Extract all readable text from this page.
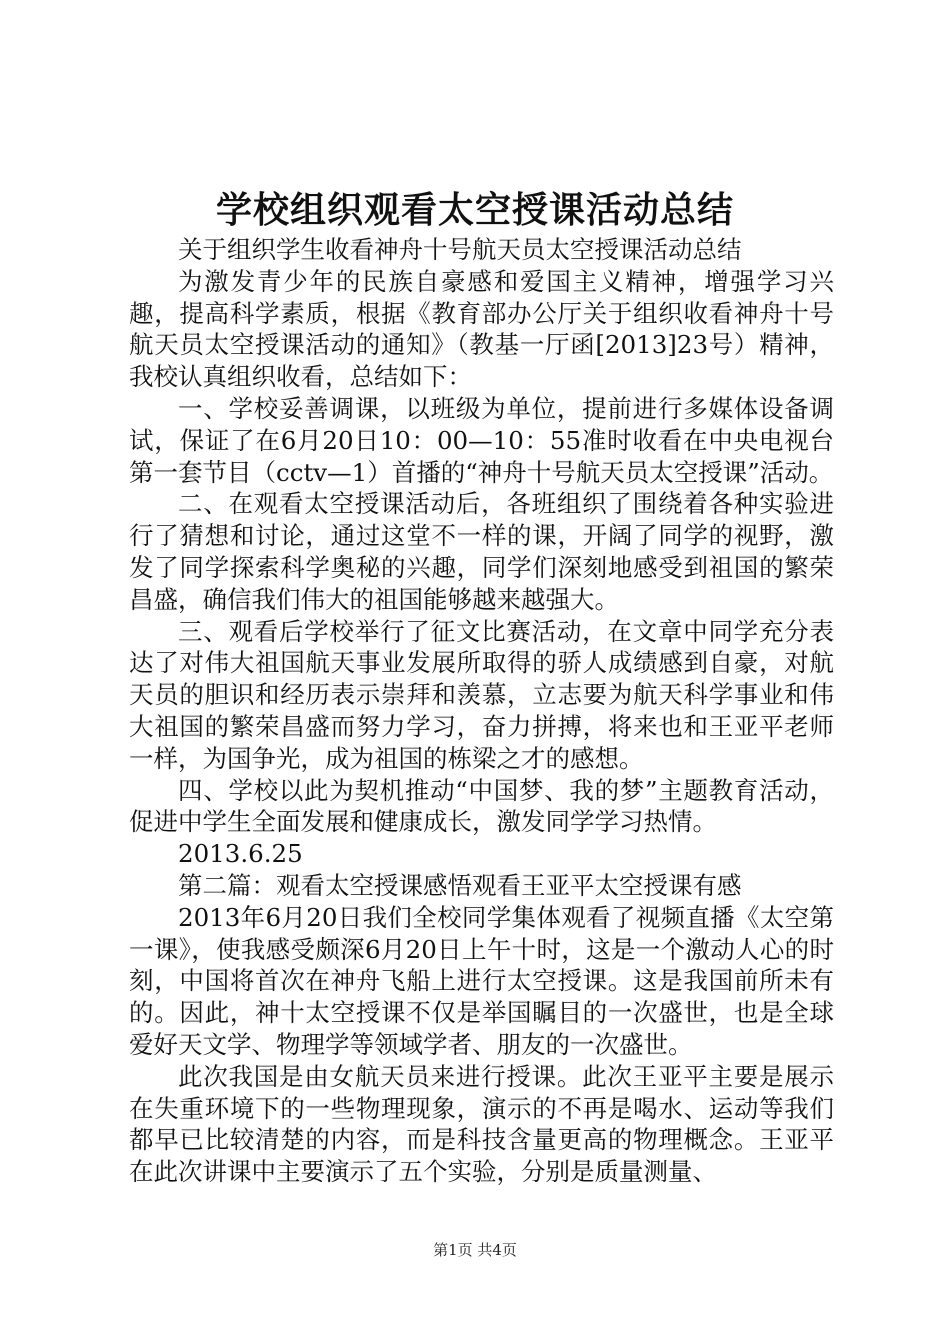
学校组织观看太空授课活动总结

关于组织学生收看神舟十号航天员太空授课活动总结

为激发青少年的民族自豪感和爱国主义精神，增强学习兴趣，提高科学素质，根据《教育部办公厅关于组织收看神舟十号航天员太空授课活动的通知》（教基一厅函[2013]23号）精神，我校认真组织收看，总结如下：

一、学校妥善调课，以班级为单位，提前进行多媒体设备调试，保证了在6月20日10：00—10：55准时收看在中央电视台第一套节目（cctv—1）首播的“神舟十号航天员太空授课”活动。

二、在观看太空授课活动后，各班组织了围绕着各种实验进行了猜想和讨论，通过这堂不一样的课，开阔了同学的视野，激发了同学探索科学奥秘的兴趣，同学们深刻地感受到祖国的繁荣昌盛，确信我们伟大的祖国能够越来越强大。

三、观看后学校举行了征文比赛活动，在文章中同学充分表达了对伟大祖国航天事业发展所取得的骄人成绩感到自豪，对航天员的胆识和经历表示崇拜和羡慕，立志要为航天科学事业和伟大祖国的繁荣昌盛而努力学习，奋力拼搏，将来也和王亚平老师一样，为国争光，成为祖国的栋梁之才的感想。

四、学校以此为契机推动“中国梦、我的梦”主题教育活动，促进中学生全面发展和健康成长，激发同学学习热情。

2013.6.25

第二篇：观看太空授课感悟观看王亚平太空授课有感

2013年6月20日我们全校同学集体观看了视频直播《太空第一课》，使我感受颇深6月20日上午十时，这是一个激动人心的时刻，中国将首次在神舟飞船上进行太空授课。这是我国前所未有的。因此，神十太空授课不仅是举国瞩目的一次盛世，也是全球爱好天文学、物理学等领域学者、朋友的一次盛世。

此次我国是由女航天员来进行授课。此次王亚平主要是展示在失重环境下的一些物理现象，演示的不再是喝水、运动等我们都早已比较清楚的内容，而是科技含量更高的物理概念。王亚平在此次讲课中主要演示了五个实验，分别是质量测量、

第1页 共4页
